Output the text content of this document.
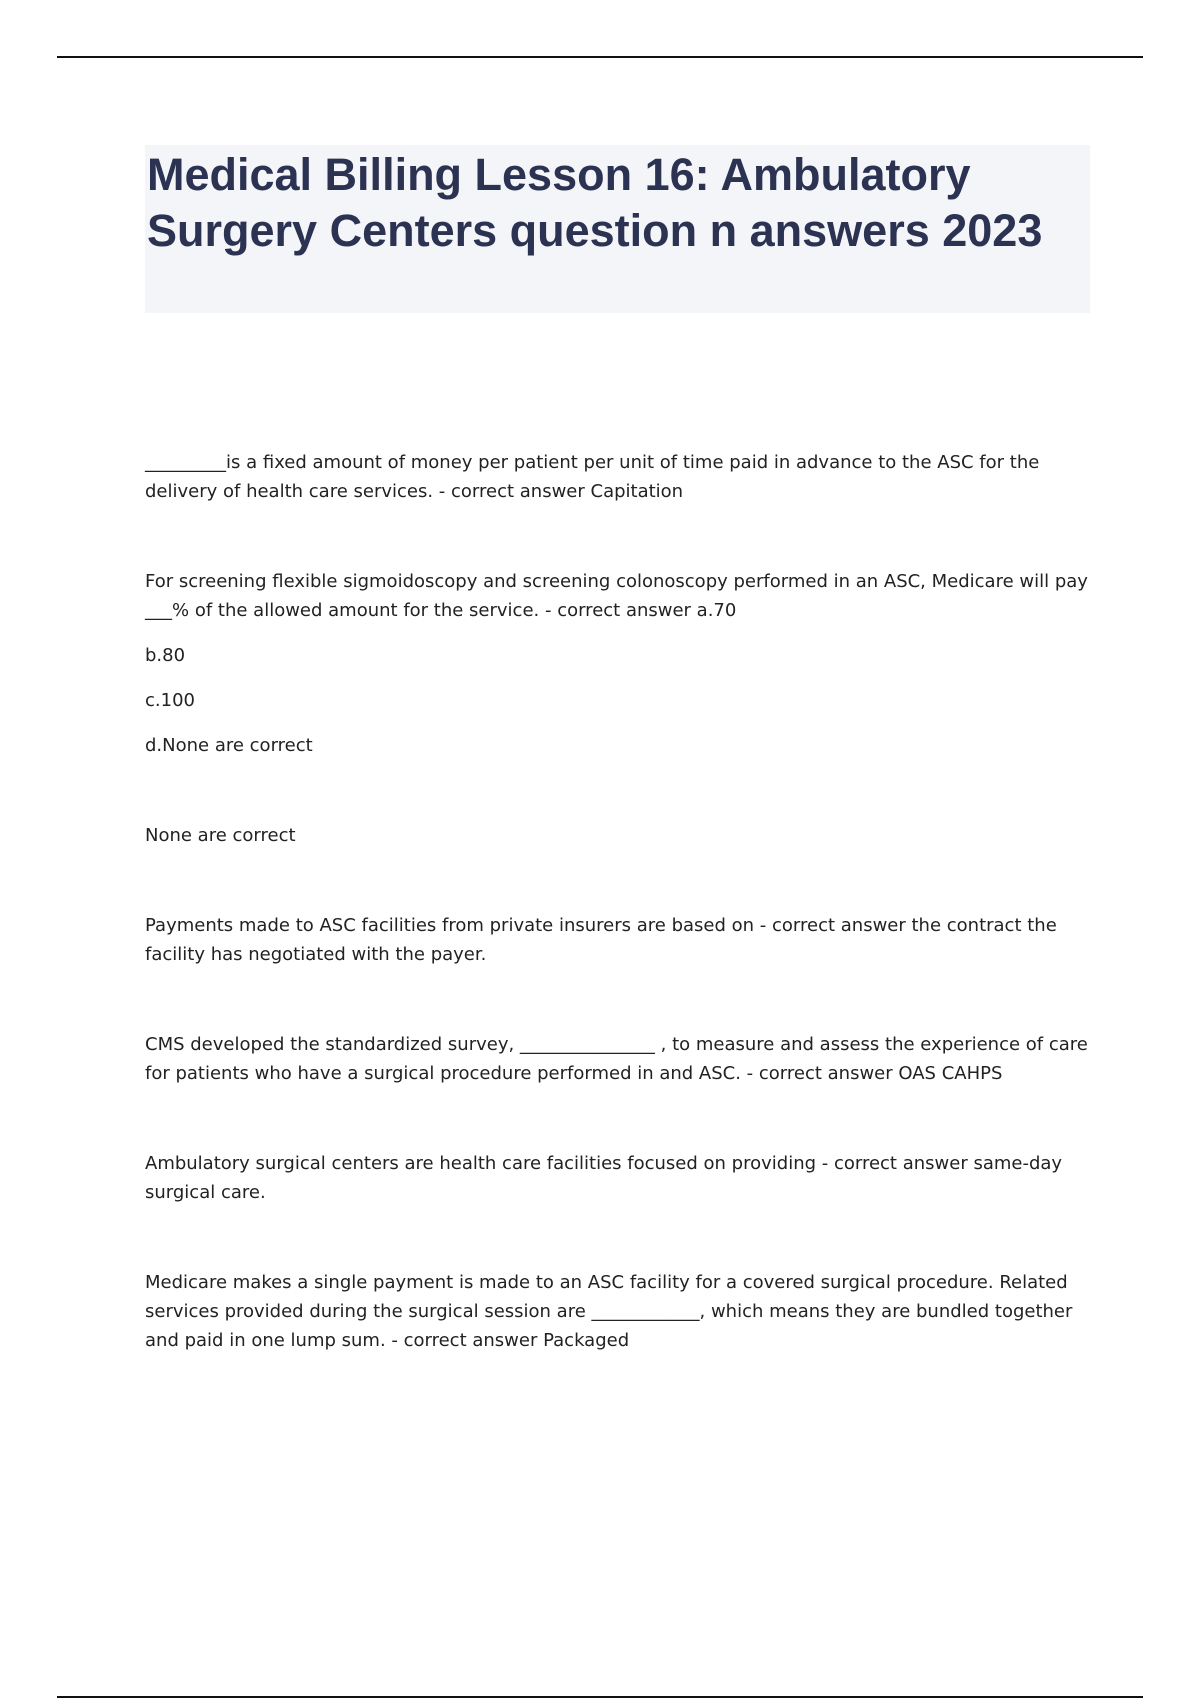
Medical Billing Lesson 16: Ambulatory Surgery Centers question n answers 2023

_________is a fixed amount of money per patient per unit of time paid in advance to the ASC for the delivery of health care services. - correct answer Capitation

For screening flexible sigmoidoscopy and screening colonoscopy performed in an ASC, Medicare will pay ___% of the allowed amount for the service. - correct answer a.70

b.80

c.100

d.None are correct

None are correct

Payments made to ASC facilities from private insurers are based on - correct answer the contract the facility has negotiated with the payer.

CMS developed the standardized survey, _______________ , to measure and assess the experience of care for patients who have a surgical procedure performed in and ASC. - correct answer OAS CAHPS

Ambulatory surgical centers are health care facilities focused on providing - correct answer same-day surgical care.

Medicare makes a single payment is made to an ASC facility for a covered surgical procedure. Related services provided during the surgical session are ____________, which means they are bundled together and paid in one lump sum. - correct answer Packaged
